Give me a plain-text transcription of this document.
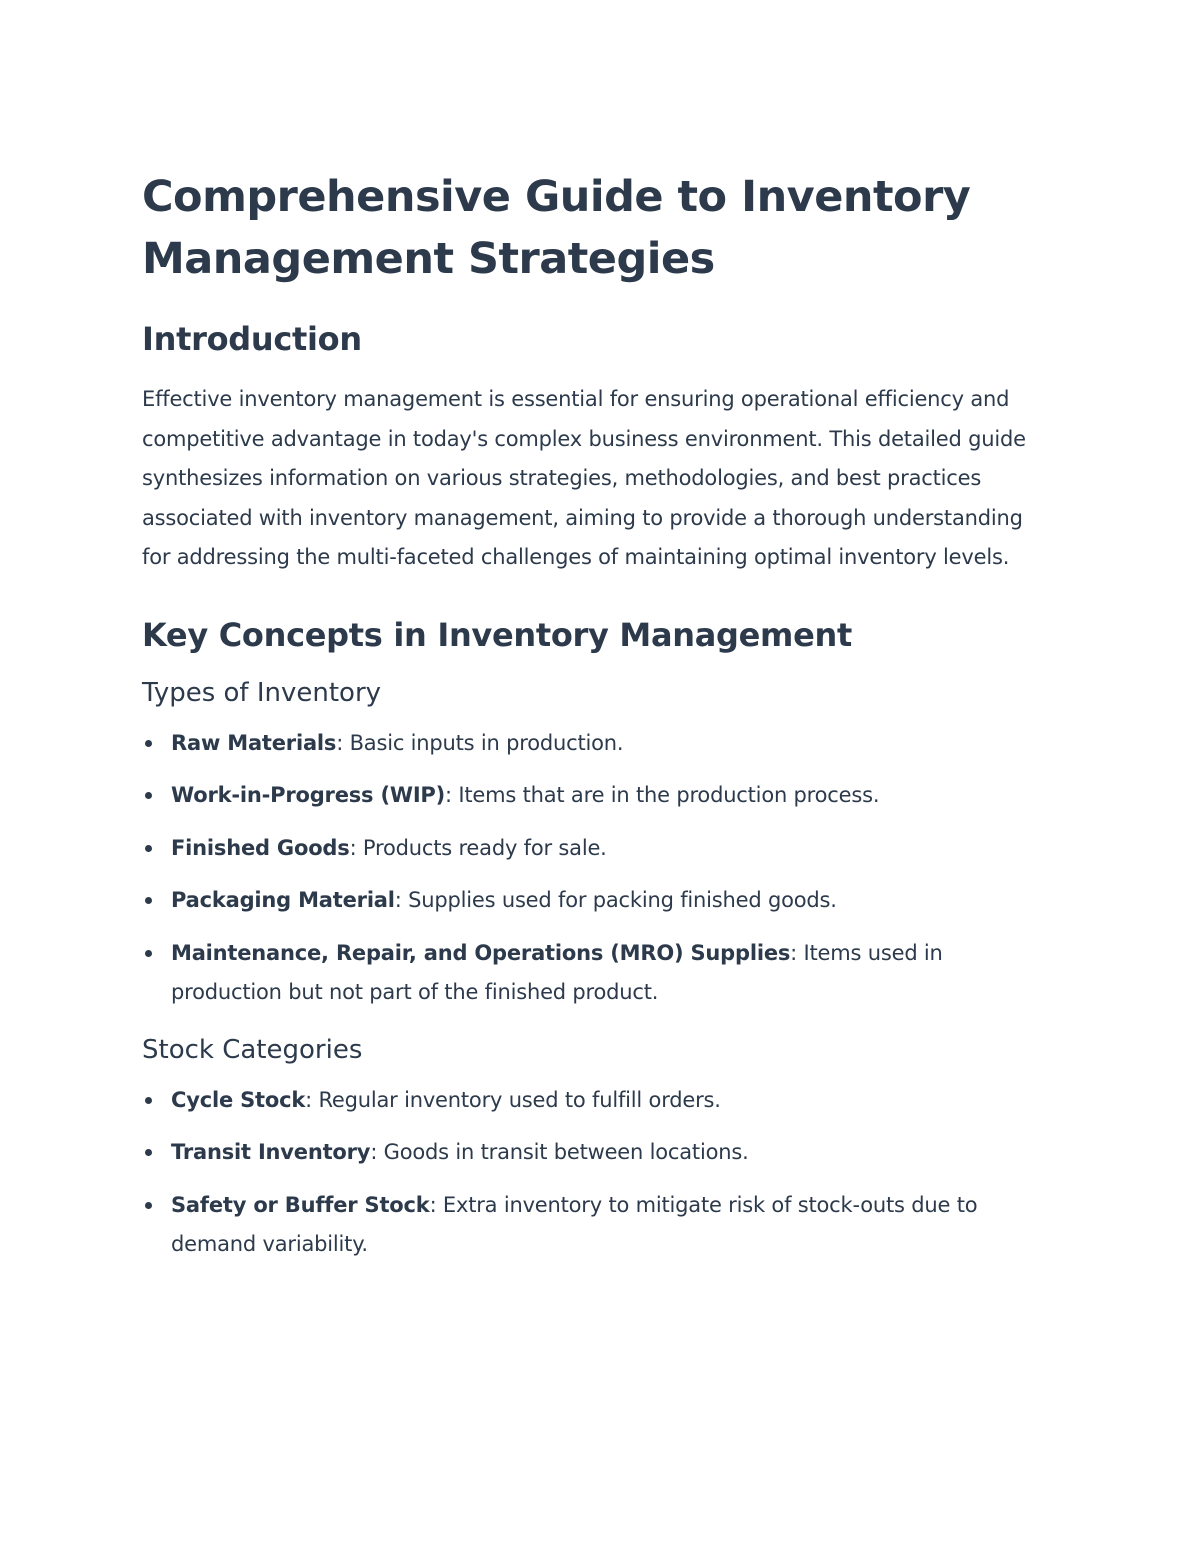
Comprehensive Guide to Inventory Management Strategies
Introduction

Effective inventory management is essential for ensuring operational efficiency and competitive advantage in today's complex business environment. This detailed guide synthesizes information on various strategies, methodologies, and best practices associated with inventory management, aiming to provide a thorough understanding for addressing the multi-faceted challenges of maintaining optimal inventory levels.

Key Concepts in Inventory Management
Types of Inventory
Raw Materials: Basic inputs in production.
Work-in-Progress (WIP): Items that are in the production process.
Finished Goods: Products ready for sale.
Packaging Material: Supplies used for packing finished goods.
Maintenance, Repair, and Operations (MRO) Supplies: Items used in production but not part of the finished product.
Stock Categories
Cycle Stock: Regular inventory used to fulfill orders.
Transit Inventory: Goods in transit between locations.
Safety or Buffer Stock: Extra inventory to mitigate risk of stock-outs due to demand variability.
